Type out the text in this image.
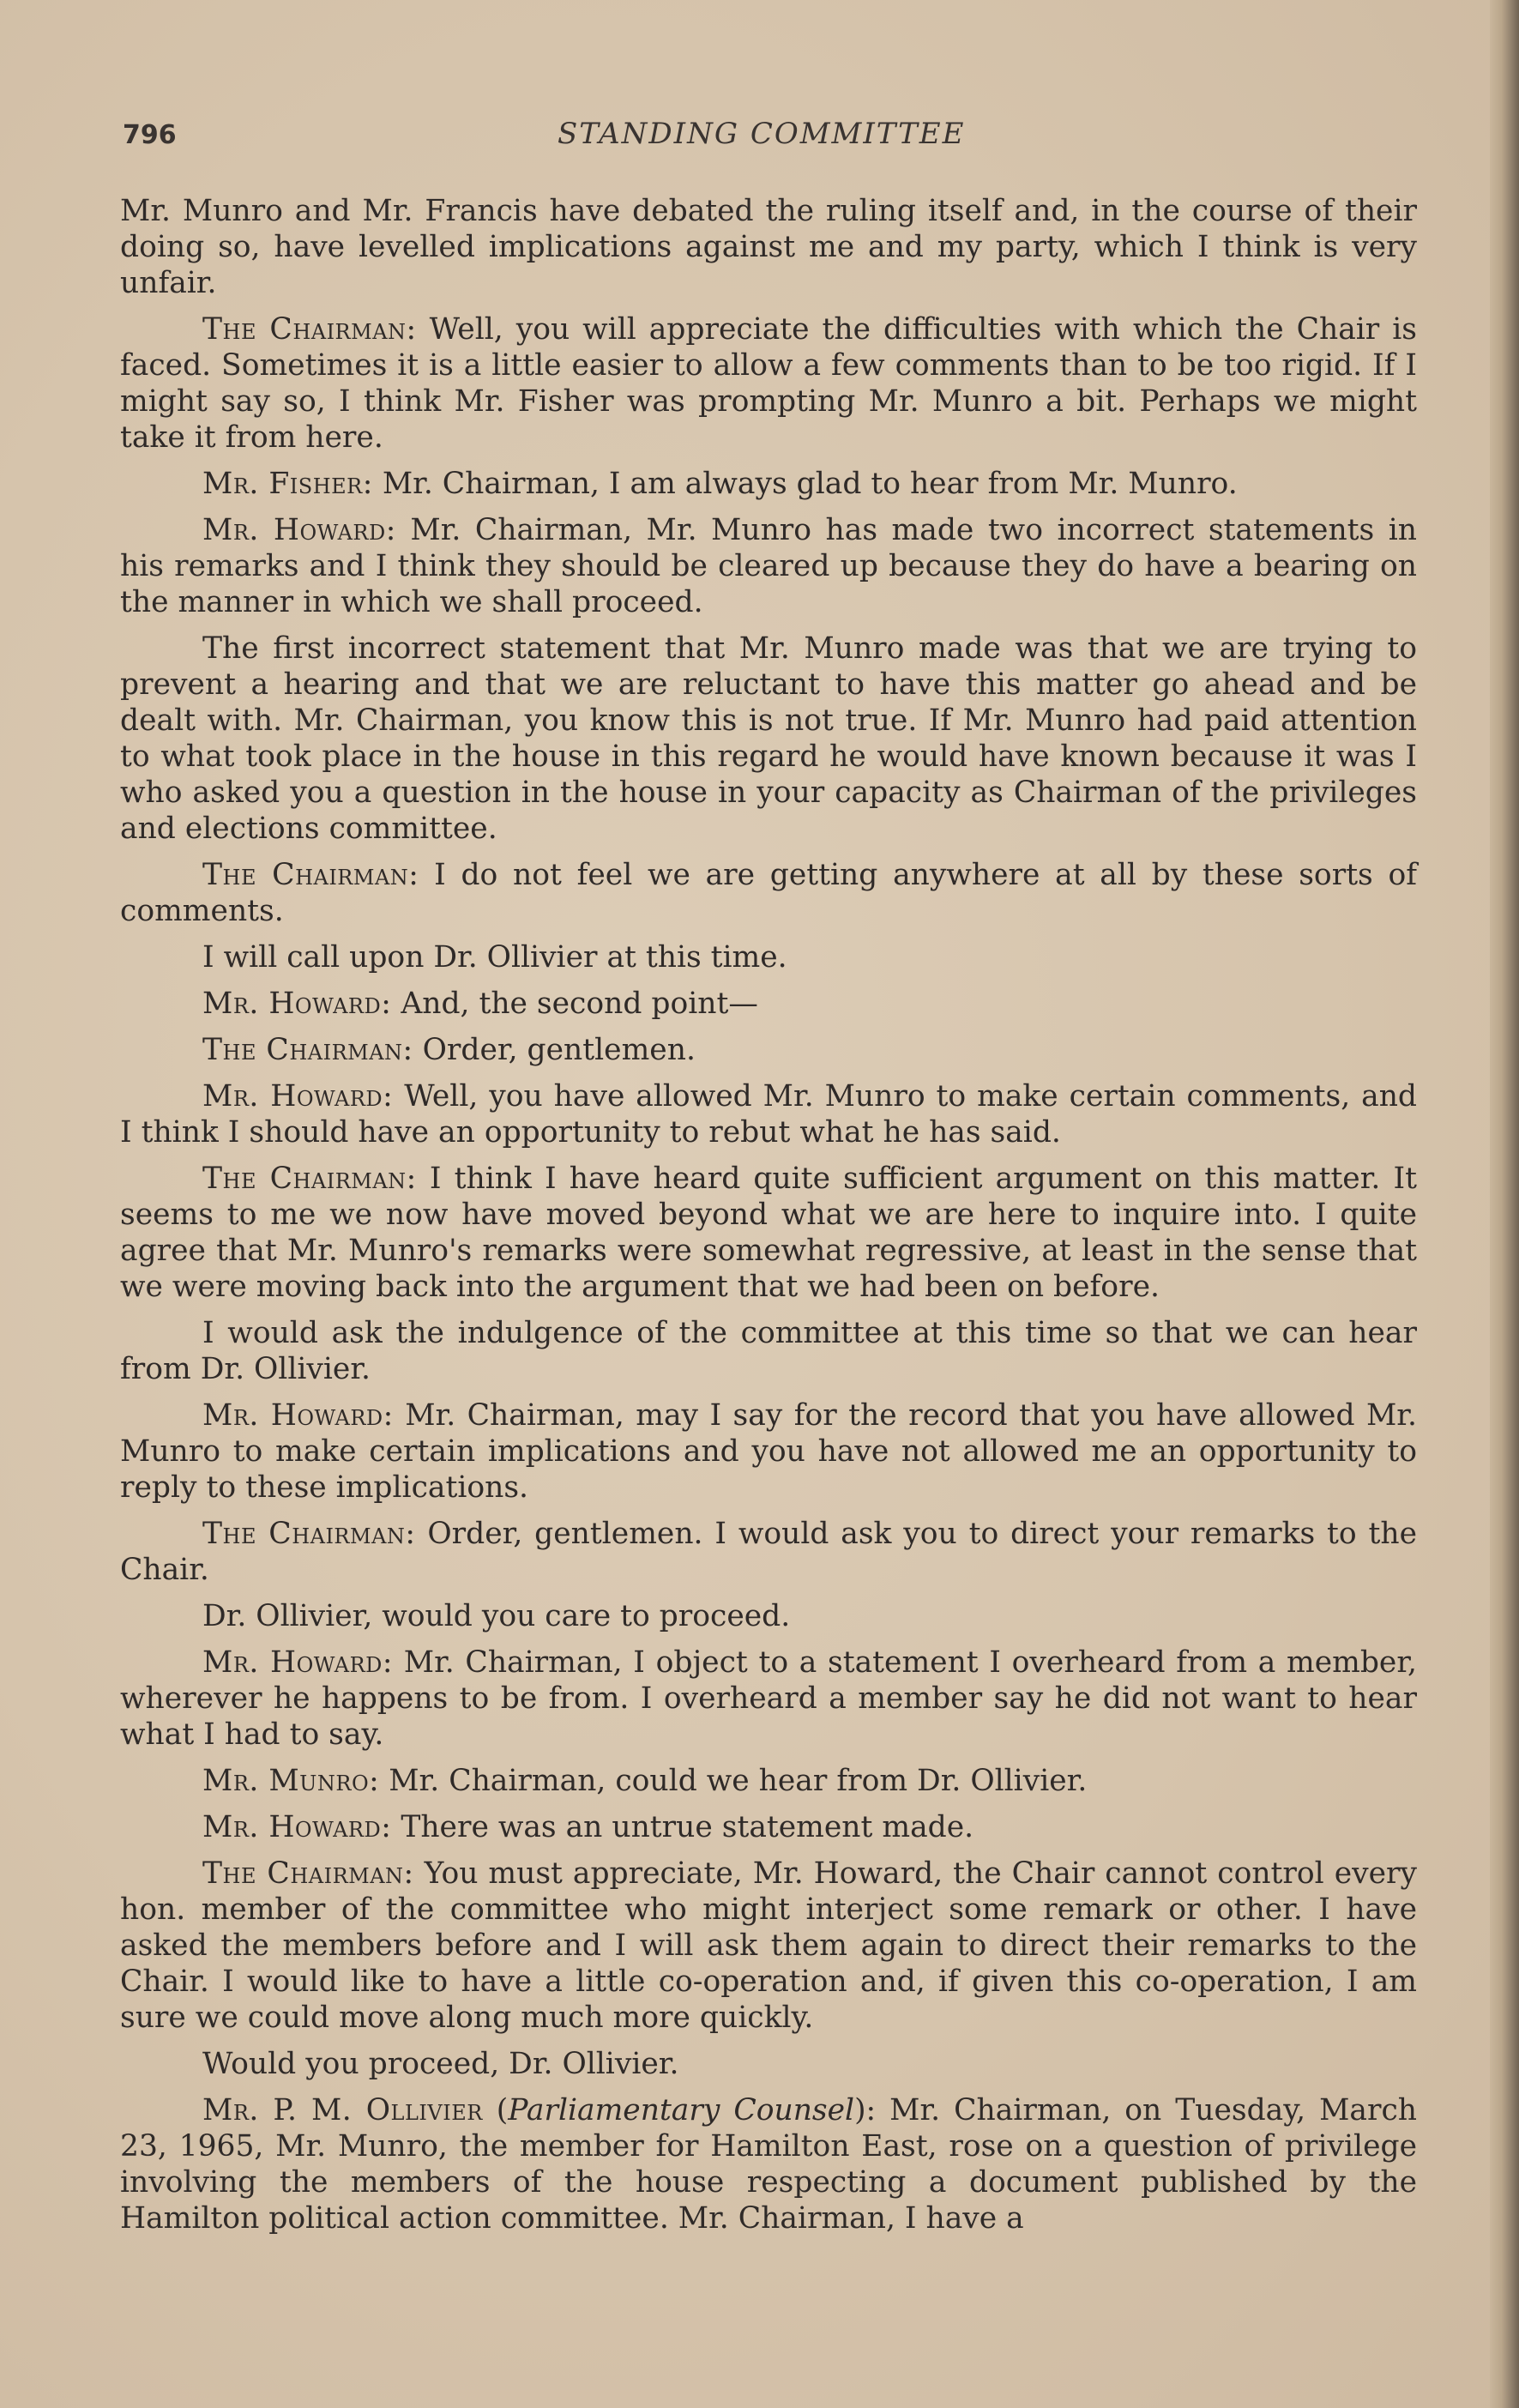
796	STANDING COMMITTEE

Mr. Munro and Mr. Francis have debated the ruling itself and, in the course of their doing so, have levelled implications against me and my party, which I think is very unfair.

The Chairman: Well, you will appreciate the difficulties with which the Chair is faced. Sometimes it is a little easier to allow a few comments than to be too rigid. If I might say so, I think Mr. Fisher was prompting Mr. Munro a bit. Perhaps we might take it from here.

Mr. Fisher: Mr. Chairman, I am always glad to hear from Mr. Munro.

Mr. Howard: Mr. Chairman, Mr. Munro has made two incorrect statements in his remarks and I think they should be cleared up because they do have a bearing on the manner in which we shall proceed.

The first incorrect statement that Mr. Munro made was that we are trying to prevent a hearing and that we are reluctant to have this matter go ahead and be dealt with. Mr. Chairman, you know this is not true. If Mr. Munro had paid attention to what took place in the house in this regard he would have known because it was I who asked you a question in the house in your capacity as Chairman of the privileges and elections committee.

The Chairman: I do not feel we are getting anywhere at all by these sorts of comments.

I will call upon Dr. Ollivier at this time.

Mr. Howard: And, the second point—

The Chairman: Order, gentlemen.

Mr. Howard: Well, you have allowed Mr. Munro to make certain comments, and I think I should have an opportunity to rebut what he has said.

The Chairman: I think I have heard quite sufficient argument on this matter. It seems to me we now have moved beyond what we are here to inquire into. I quite agree that Mr. Munro's remarks were somewhat regressive, at least in the sense that we were moving back into the argument that we had been on before.

I would ask the indulgence of the committee at this time so that we can hear from Dr. Ollivier.

Mr. Howard: Mr. Chairman, may I say for the record that you have allowed Mr. Munro to make certain implications and you have not allowed me an opportunity to reply to these implications.

The Chairman: Order, gentlemen. I would ask you to direct your remarks to the Chair.

Dr. Ollivier, would you care to proceed.

Mr. Howard: Mr. Chairman, I object to a statement I overheard from a member, wherever he happens to be from. I overheard a member say he did not want to hear what I had to say.

Mr. Munro: Mr. Chairman, could we hear from Dr. Ollivier.

Mr. Howard: There was an untrue statement made.

The Chairman: You must appreciate, Mr. Howard, the Chair cannot control every hon. member of the committee who might interject some remark or other. I have asked the members before and I will ask them again to direct their remarks to the Chair. I would like to have a little co-operation and, if given this co-operation, I am sure we could move along much more quickly.

Would you proceed, Dr. Ollivier.

Mr. P. M. Ollivier (Parliamentary Counsel): Mr. Chairman, on Tuesday, March 23, 1965, Mr. Munro, the member for Hamilton East, rose on a question of privilege involving the members of the house respecting a document published by the Hamilton political action committee. Mr. Chairman, I have a
